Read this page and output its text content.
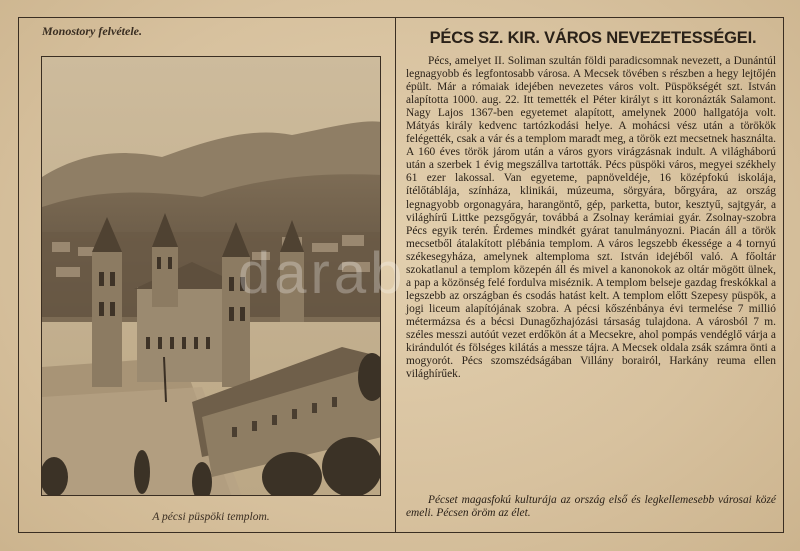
Monostory felvétele.
A pécsi püspöki templom.
PÉCS SZ. KIR. VÁROS NEVEZETESSÉGEI.

Pécs, amelyet II. Soliman szultán földi paradicsomnak nevezett, a Dunántúl legnagyobb és legfontosabb városa. A Mecsek tövében s részben a hegy lejtőjén épült. Már a rómaiak idejében nevezetes város volt. Püspökségét szt. István alapította 1000. aug. 22. Itt temették el Péter királyt s itt koronázták Salamont. Nagy Lajos 1367-ben egyetemet alapított, amelynek 2000 hallgatója volt. Mátyás király kedvenc tartózkodási helye. A mohácsi vész után a törökök felégették, csak a vár és a templom maradt meg, a török ezt mecsetnek használta. A 160 éves török járom után a város gyors virágzásnak indult. A világháború után a szerbek 1 évig megszállva tartották. Pécs püspöki város, megyei székhely 61 ezer lakossal. Van egyeteme, papnöveldéje, 16 középfokú iskolája, ítélőtáblája, színháza, klinikái, múzeuma, sörgyára, bőrgyára, az ország legnagyobb orgonagyára, harangöntő, gép, parketta, butor, kesztyű, sajtgyár, a világhírű Littke pezsgőgyár, továbbá a Zsolnay kerámiai gyár. Zsolnay-szobra Pécs egyik terén. Érdemes mindkét gyárat tanulmányozni. Piacán áll a török mecsetből átalakított plébánia templom. A város legszebb ékessége a 4 tornyú székesegyháza, amelynek altemploma szt. István idejéből való. A főoltár szokatlanul a templom közepén áll és mivel a kanonokok az oltár mögött ülnek, a pap a közönség felé fordulva miséznik. A templom belseje gazdag freskókkal a legszebb az országban és csodás hatást kelt. A templom előtt Szepesy püspök, a jogi liceum alapítójának szobra. A pécsi kőszénbánya évi termelése 7 millió métermázsa és a bécsi Dunagőzhajózási társaság tulajdona. A városból 7 m. széles messzi autóút vezet erdőkön át a Mecsekre, ahol pompás vendéglő várja a kirándulót és fölséges kilátás a messze tájra. A Mecsek oldala zsák számra önti a mogyorót. Pécs szomszédságában Villány borairól, Harkány reuma ellen világhírűek.

Pécset magasfokú kulturája az ország első és legkellemesebb városai közé emeli. Pécsen öröm az élet.

darab
